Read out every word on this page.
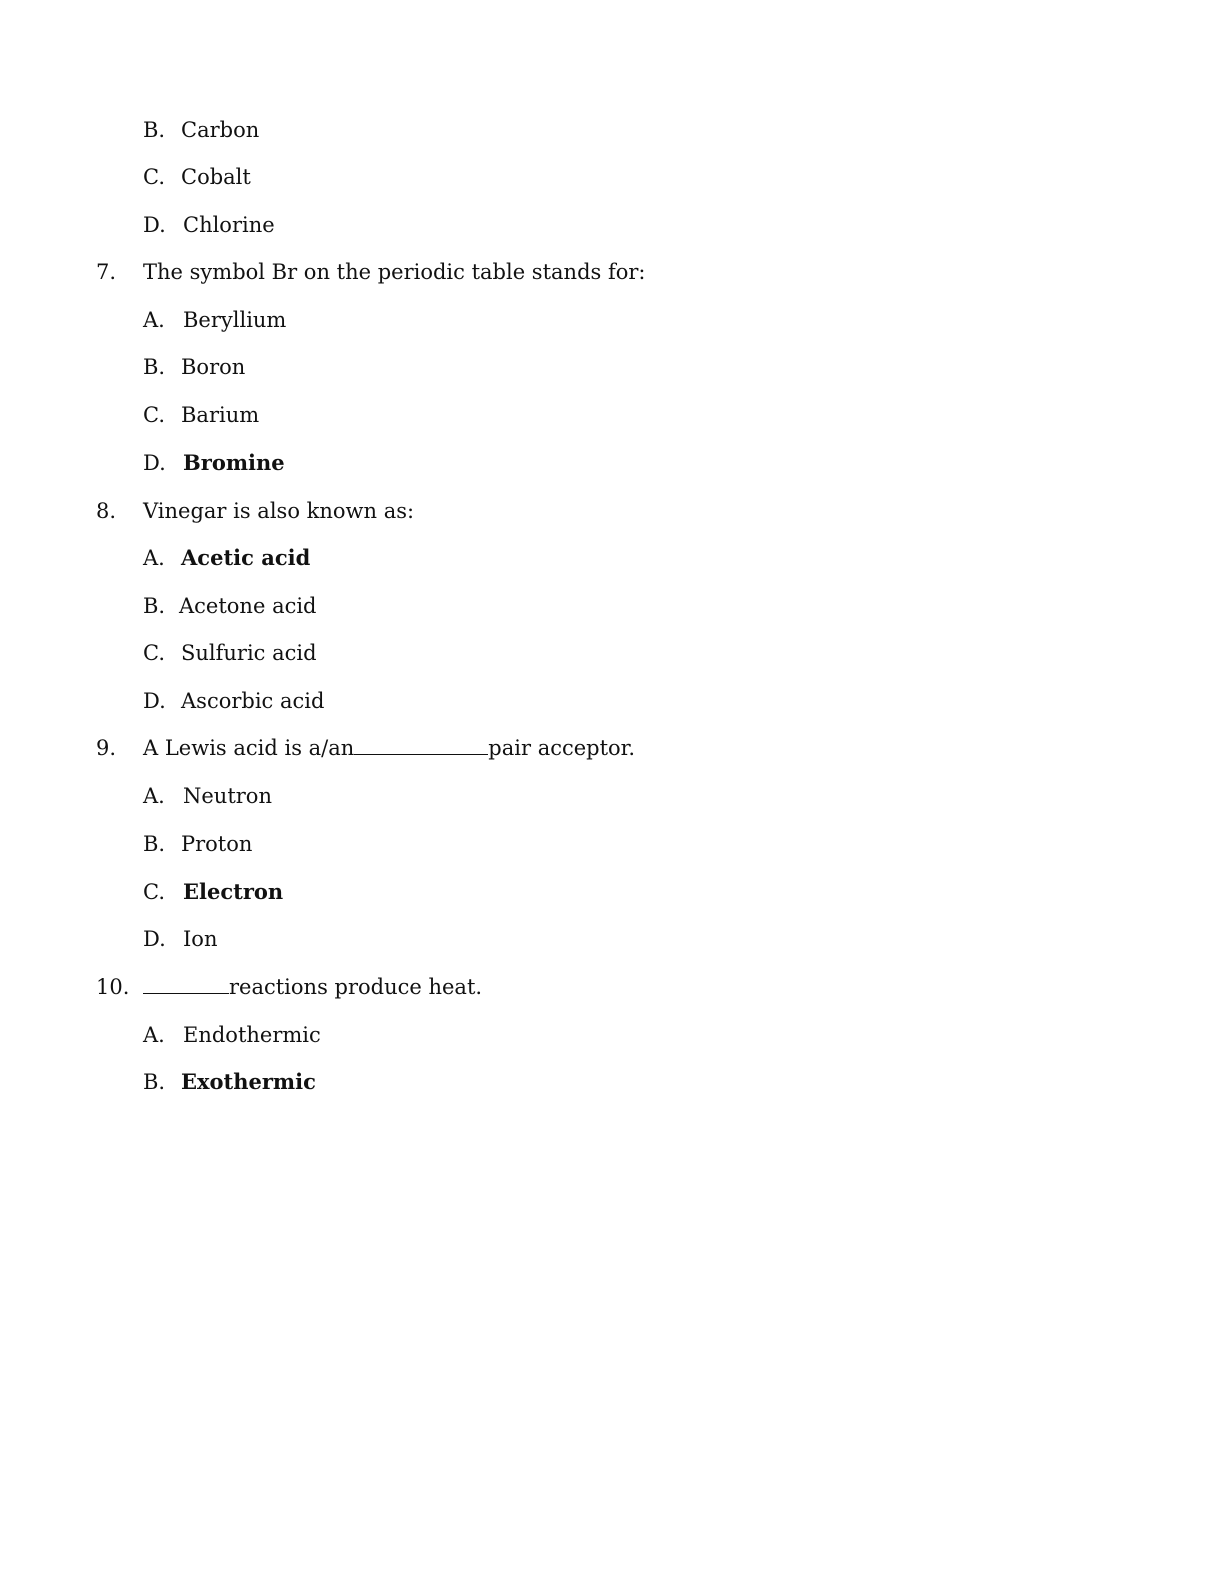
B. Carbon
C. Cobalt
D. Chlorine
7. The symbol Br on the periodic table stands for:
A. Beryllium
B. Boron
C. Barium
D. Bromine
8. Vinegar is also known as:
A. Acetic acid
B. Acetone acid
C. Sulfuric acid
D. Ascorbic acid
9. A Lewis acid is a/an	pair acceptor.
A. Neutron
B. Proton
C. Electron
D. Ion
10.	reactions produce heat.
A. Endothermic
B. Exothermic
